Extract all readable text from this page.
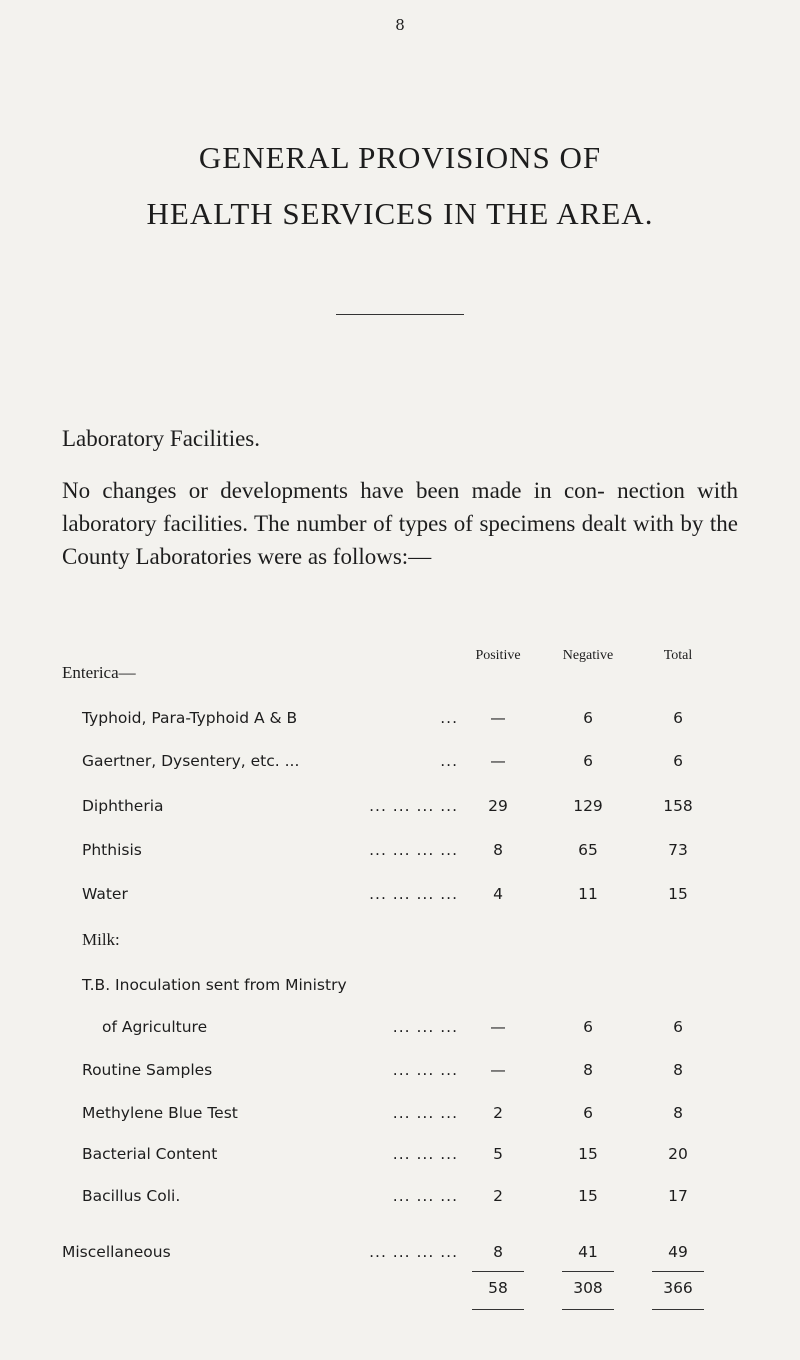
8
GENERAL PROVISIONS OF
HEALTH SERVICES IN THE AREA.
Laboratory Facilities.
No changes or developments have been made in con- nection with laboratory facilities. The number of types of specimens dealt with by the County Laboratories were as follows:—
Positive	Negative	Total
Enterica—
Typhoid, Para-Typhoid A & B	...	—	6	6
Gaertner, Dysentery, etc. ...	...	—	6	6
Diphtheria	... ... ... ...	29	129	158
Phthisis	... ... ... ...	8	65	73
Water	... ... ... ...	4	11	15
Milk:
T.B. Inoculation sent from Ministry
of Agriculture	... ... ...	—	6	6
Routine Samples	... ... ...	—	8	8
Methylene Blue Test	... ... ...	2	6	8
Bacterial Content	... ... ...	5	15	20
Bacillus Coli.	... ... ...	2	15	17
Miscellaneous	... ... ... ...	8	41	49
58	308	366
